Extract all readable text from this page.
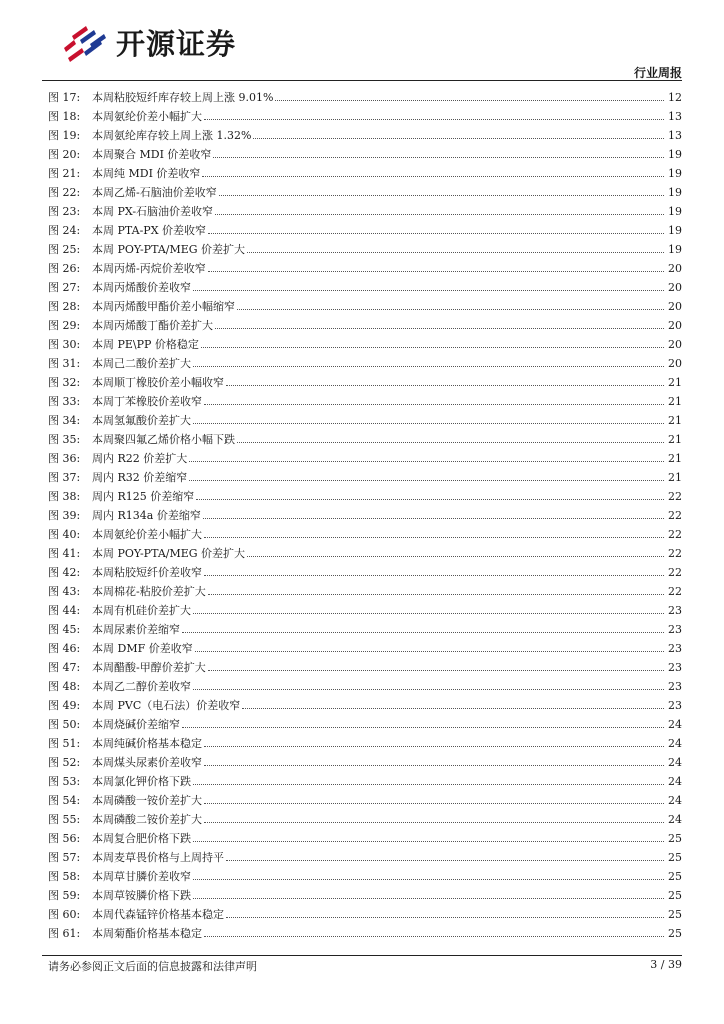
开源证券
行业周报
图 17:	本周粘胶短纤库存较上周上涨 9.01%	12
图 18:	本周氨纶价差小幅扩大	13
图 19:	本周氨纶库存较上周上涨 1.32%	13
图 20:	本周聚合 MDI 价差收窄	19
图 21:	本周纯 MDI 价差收窄	19
图 22:	本周乙烯-石脑油价差收窄	19
图 23:	本周 PX-石脑油价差收窄	19
图 24:	本周 PTA-PX 价差收窄	19
图 25:	本周 POY-PTA/MEG 价差扩大	19
图 26:	本周丙烯-丙烷价差收窄	20
图 27:	本周丙烯酸价差收窄	20
图 28:	本周丙烯酸甲酯价差小幅缩窄	20
图 29:	本周丙烯酸丁酯价差扩大	20
图 30:	本周 PE\PP 价格稳定	20
图 31:	本周己二酸价差扩大	20
图 32:	本周顺丁橡胶价差小幅收窄	21
图 33:	本周丁苯橡胶价差收窄	21
图 34:	本周氢氟酸价差扩大	21
图 35:	本周聚四氟乙烯价格小幅下跌	21
图 36:	周内 R22 价差扩大	21
图 37:	周内 R32 价差缩窄	21
图 38:	周内 R125 价差缩窄	22
图 39:	周内 R134a 价差缩窄	22
图 40:	本周氨纶价差小幅扩大	22
图 41:	本周 POY-PTA/MEG 价差扩大	22
图 42:	本周粘胶短纤价差收窄	22
图 43:	本周棉花-粘胶价差扩大	22
图 44:	本周有机硅价差扩大	23
图 45:	本周尿素价差缩窄	23
图 46:	本周 DMF 价差收窄	23
图 47:	本周醋酸-甲醇价差扩大	23
图 48:	本周乙二醇价差收窄	23
图 49:	本周 PVC（电石法）价差收窄	23
图 50:	本周烧碱价差缩窄	24
图 51:	本周纯碱价格基本稳定	24
图 52:	本周煤头尿素价差收窄	24
图 53:	本周氯化钾价格下跌	24
图 54:	本周磷酸一铵价差扩大	24
图 55:	本周磷酸二铵价差扩大	24
图 56:	本周复合肥价格下跌	25
图 57:	本周麦草畏价格与上周持平	25
图 58:	本周草甘膦价差收窄	25
图 59:	本周草铵膦价格下跌	25
图 60:	本周代森锰锌价格基本稳定	25
图 61:	本周菊酯价格基本稳定	25
请务必参阅正文后面的信息披露和法律声明	3 / 39
